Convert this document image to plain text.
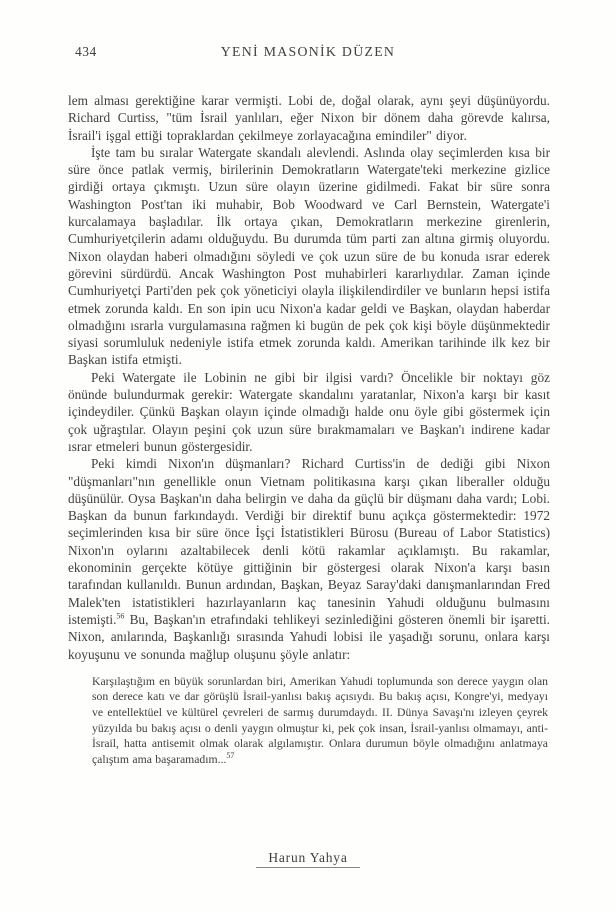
434	YENİ MASONİK DÜZEN

lem alması gerektiğine karar vermişti. Lobi de, doğal olarak, aynı şeyi düşünüyordu. Richard Curtiss, "tüm İsrail yanlıları, eğer Nixon bir dönem daha görevde kalırsa, İsrail'i işgal ettiği topraklardan çekilmeye zorlayacağına emindiler" diyor.

İşte tam bu sıralar Watergate skandalı alevlendi. Aslında olay seçimlerden kısa bir süre önce patlak vermiş, birilerinin Demokratların Watergate'teki merkezine gizlice girdiği ortaya çıkmıştı. Uzun süre olayın üzerine gidilmedi. Fakat bir süre sonra Washington Post'tan iki muhabir, Bob Woodward ve Carl Bernstein, Watergate'i kurcalamaya başladılar. İlk ortaya çıkan, Demokratların merkezine girenlerin, Cumhuriyetçilerin adamı olduğuydu. Bu durumda tüm parti zan altına girmiş oluyordu. Nixon olaydan haberi olmadığını söyledi ve çok uzun süre de bu konuda ısrar ederek görevini sürdürdü. Ancak Washington Post muhabirleri kararlıydılar. Zaman içinde Cumhuriyetçi Parti'den pek çok yöneticiyi olayla ilişkilendirdiler ve bunların hepsi istifa etmek zorunda kaldı. En son ipin ucu Nixon'a kadar geldi ve Başkan, olaydan haberdar olmadığını ısrarla vurgulamasına rağmen ki bugün de pek çok kişi böyle düşünmektedir siyasi sorumluluk nedeniyle istifa etmek zorunda kaldı. Amerikan tarihinde ilk kez bir Başkan istifa etmişti.

Peki Watergate ile Lobinin ne gibi bir ilgisi vardı? Öncelikle bir noktayı göz önünde bulundurmak gerekir: Watergate skandalını yaratanlar, Nixon'a karşı bir kasıt içindeydiler. Çünkü Başkan olayın içinde olmadığı halde onu öyle gibi göstermek için çok uğraştılar. Olayın peşini çok uzun süre bırakmamaları ve Başkan'ı indirene kadar ısrar etmeleri bunun göstergesidir.

Peki kimdi Nixon'ın düşmanları? Richard Curtiss'in de dediği gibi Nixon "düşmanları"nın genellikle onun Vietnam politikasına karşı çıkan liberaller olduğu düşünülür. Oysa Başkan'ın daha belirgin ve daha da güçlü bir düşmanı daha vardı; Lobi. Başkan da bunun farkındaydı. Verdiği bir direktif bunu açıkça göstermektedir: 1972 seçimlerinden kısa bir süre önce İşçi İstatistikleri Bürosu (Bureau of Labor Statistics) Nixon'ın oylarını azaltabilecek denli kötü rakamlar açıklamıştı. Bu rakamlar, ekonominin gerçekte kötüye gittiğinin bir göstergesi olarak Nixon'a karşı basın tarafından kullanıldı. Bunun ardından, Başkan, Beyaz Saray'daki danışmanlarından Fred Malek'ten istatistikleri hazırlayanların kaç tanesinin Yahudi olduğunu bulmasını istemişti.$^{56}$ Bu, Başkan'ın etrafındaki tehlikeyi sezinlediğini gösteren önemli bir işaretti. Nixon, anılarında, Başkanlığı sırasında Yahudi lobisi ile yaşadığı sorunu, onlara karşı koyuşunu ve sonunda mağlup oluşunu şöyle anlatır:

Karşılaştığım en büyük sorunlardan biri, Amerikan Yahudi toplumunda son derece yaygın olan son derece katı ve dar görüşlü İsrail-yanlısı bakış açısıydı. Bu bakış açısı, Kongre'yi, medyayı ve entellektüel ve kültürel çevreleri de sarmış durumdaydı. II. Dünya Savaşı'nı izleyen çeyrek yüzyılda bu bakış açısı o denli yaygın olmuştur ki, pek çok insan, İsrail-yanlısı olmamayı, anti-İsrail, hatta antisemit olmak olarak algılamıştır. Onlara durumun böyle olmadığını anlatmaya çalıştım ama başaramadım...$^{57}$

Harun Yahya
